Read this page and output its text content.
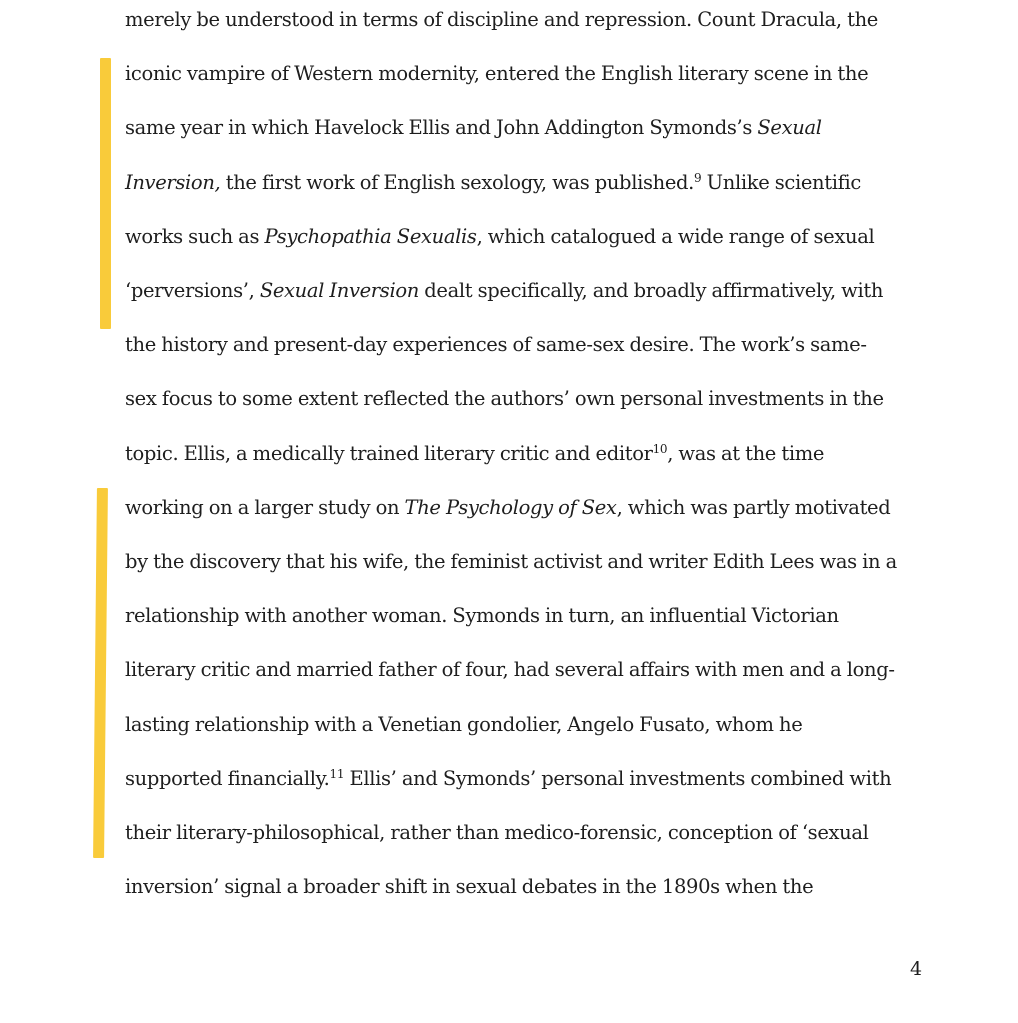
merely be understood in terms of discipline and repression. Count Dracula, the
iconic vampire of Western modernity, entered the English literary scene in the
same year in which Havelock Ellis and John Addington Symonds’s Sexual
Inversion, the first work of English sexology, was published.$^9$ Unlike scientific
works such as Psychopathia Sexualis, which catalogued a wide range of sexual
‘perversions’, Sexual Inversion dealt specifically, and broadly affirmatively, with
the history and present-day experiences of same-sex desire. The work’s same-
sex focus to some extent reflected the authors’ own personal investments in the
topic. Ellis, a medically trained literary critic and editor$^{10}$, was at the time
working on a larger study on The Psychology of Sex, which was partly motivated
by the discovery that his wife, the feminist activist and writer Edith Lees was in a
relationship with another woman. Symonds in turn, an influential Victorian
literary critic and married father of four, had several affairs with men and a long-
lasting relationship with a Venetian gondolier, Angelo Fusato, whom he
supported financially.$^{11}$ Ellis’ and Symonds’ personal investments combined with
their literary-philosophical, rather than medico-forensic, conception of ‘sexual
inversion’ signal a broader shift in sexual debates in the 1890s when the
4
